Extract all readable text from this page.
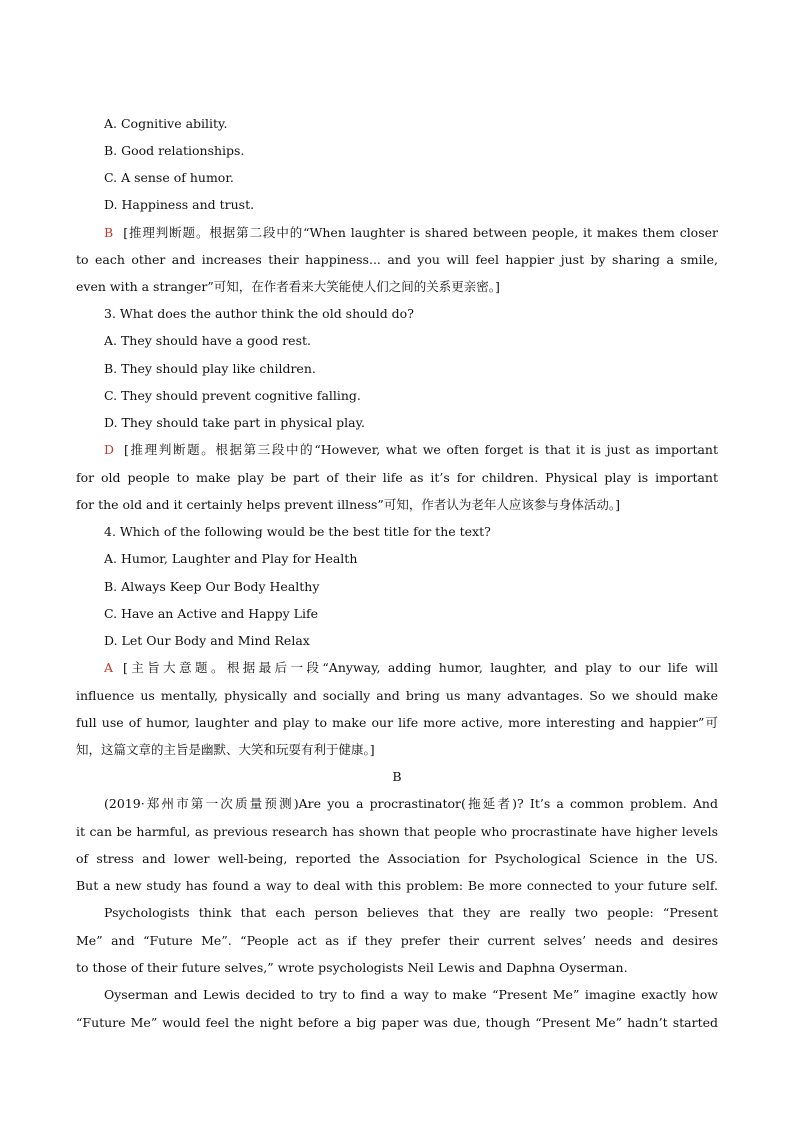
A. Cognitive ability.
B. Good relationships.
C. A sense of humor.
D. Happiness and trust.
B [推理判断题。根据第二段中的“When laughter is shared between people, it makes them closer
to each other and increases their happiness... and you will feel happier just by sharing a smile,
even with a stranger”可知，在作者看来大笑能使人们之间的关系更亲密。]
3. What does the author think the old should do?
A. They should have a good rest.
B. They should play like children.
C. They should prevent cognitive falling.
D. They should take part in physical play.
D [推理判断题。根据第三段中的“However, what we often forget is that it is just as important
for old people to make play be part of their life as it’s for children. Physical play is important
for the old and it certainly helps prevent illness”可知，作者认为老年人应该参与身体活动。]
4. Which of the following would be the best title for the text?
A. Humor, Laughter and Play for Health
B. Always Keep Our Body Healthy
C. Have an Active and Happy Life
D. Let Our Body and Mind Relax
A [主旨大意题。根据最后一段“Anyway, adding humor, laughter, and play to our life will
influence us mentally, physically and socially and bring us many advantages. So we should make
full use of humor, laughter and play to make our life more active, more interesting and happier”可
知，这篇文章的主旨是幽默、大笑和玩耍有利于健康。]
B
(2019·郑州市第一次质量预测)Are you a procrastinator(拖延者)? It’s a common problem. And
it can be harmful, as previous research has shown that people who procrastinate have higher levels
of stress and lower well-being, reported the Association for Psychological Science in the US.
But a new study has found a way to deal with this problem: Be more connected to your future self.
Psychologists think that each person believes that they are really two people: “Present
Me” and “Future Me”. “People act as if they prefer their current selves’ needs and desires
to those of their future selves,” wrote psychologists Neil Lewis and Daphna Oyserman.
Oyserman and Lewis decided to try to find a way to make “Present Me” imagine exactly how
“Future Me” would feel the night before a big paper was due, though “Present Me” hadn’t started
